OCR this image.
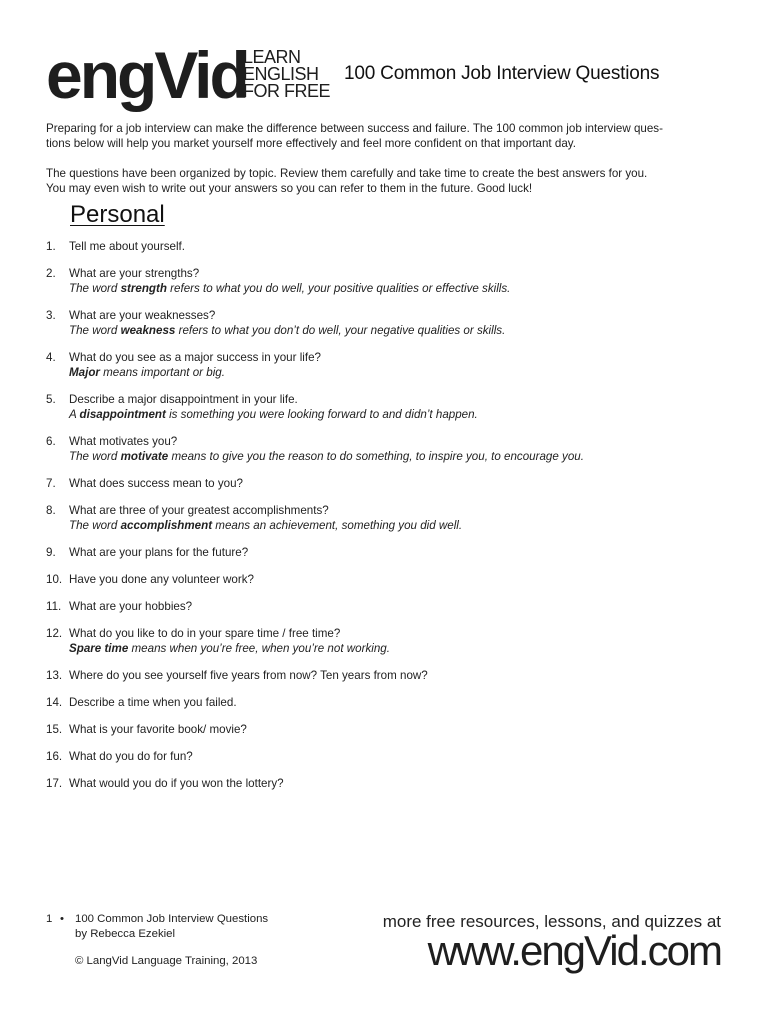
engVid
LEARN
ENGLISH
FOR FREE
100 Common Job Interview Questions
Preparing for a job interview can make the difference between success and failure. The 100 common job interview ques-
tions below will help you market yourself more effectively and feel more confident on that important day.
The questions have been organized by topic. Review them carefully and take time to create the best answers for you.
You may even wish to write out your answers so you can refer to them in the future. Good luck!
Personal
1.	Tell me about yourself.
2.	What are your strengths?
The word strength refers to what you do well, your positive qualities or effective skills.
3.	What are your weaknesses?
The word weakness refers to what you don’t do well, your negative qualities or skills.
4.	What do you see as a major success in your life?
Major means important or big.
5.	Describe a major disappointment in your life.
A disappointment is something you were looking forward to and didn’t happen.
6.	What motivates you?
The word motivate means to give you the reason to do something, to inspire you, to encourage you.
7.	What does success mean to you?
8.	What are three of your greatest accomplishments?
The word accomplishment means an achievement, something you did well.
9.	What are your plans for the future?
10. Have you done any volunteer work?
11. What are your hobbies?
12. What do you like to do in your spare time / free time?
Spare time means when you’re free, when you’re not working.
13. Where do you see yourself five years from now? Ten years from now?
14. Describe a time when you failed.
15. What is your favorite book/ movie?
16. What do you do for fun?
17. What would you do if you won the lottery?
1 • 100 Common Job Interview Questions
by Rebecca Ezekiel
© LangVid Language Training, 2013
more free resources, lessons, and quizzes at
www.engVid.com
